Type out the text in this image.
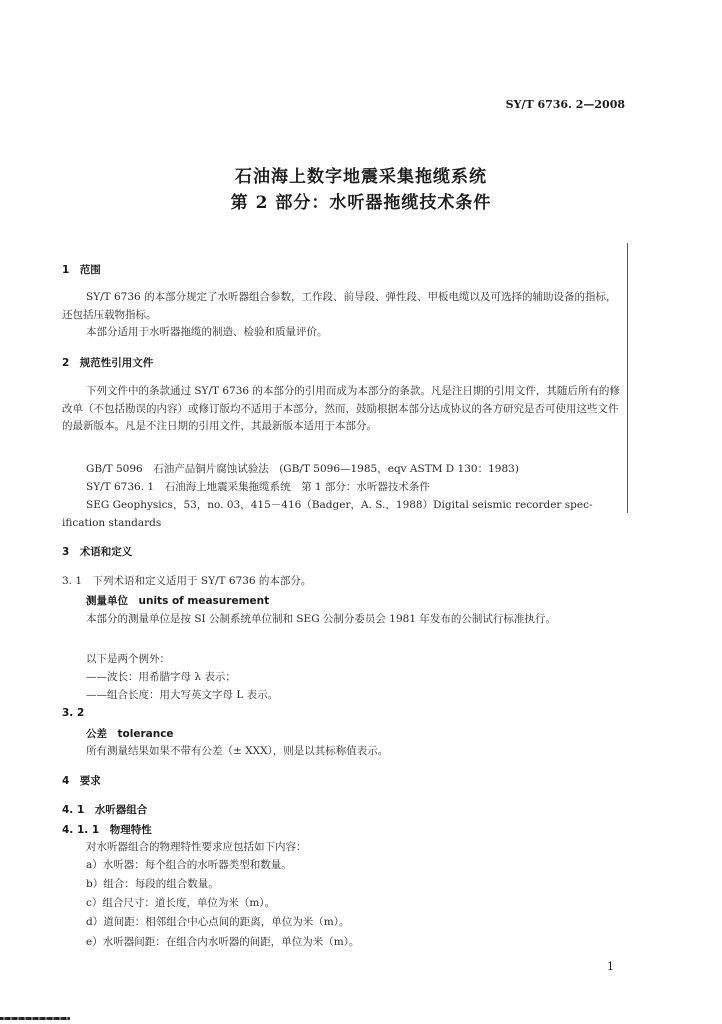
SY/T 6736. 2—2008
石油海上数字地震采集拖缆系统
第 2 部分：水听器拖缆技术条件
1　范围
SY/T 6736 的本部分规定了水听器组合参数，工作段、前导段、弹性段、甲板电缆以及可选择的辅助设备的指标，还包括压载物指标。
本部分适用于水听器拖缆的制造、检验和质量评价。
2　规范性引用文件
下列文件中的条款通过 SY/T 6736 的本部分的引用而成为本部分的条款。凡是注日期的引用文件，其随后所有的修改单（不包括勘误的内容）或修订版均不适用于本部分，然而，鼓励根据本部分达成协议的各方研究是否可使用这些文件的最新版本。凡是不注日期的引用文件，其最新版本适用于本部分。
GB/T 5096　石油产品铜片腐蚀试验法　(GB/T 5096—1985，eqv ASTM D 130：1983)
SY/T 6736. 1　石油海上地震采集拖缆系统　第 1 部分：水听器技术条件
SEG Geophysics，53，no. 03，415－416（Badger，A. S.，1988）Digital seismic recorder spec-
ification standards
3　术语和定义
3. 1　下列术语和定义适用于 SY/T 6736 的本部分。
测量单位　units of measurement
本部分的测量单位是按 SI 公制系统单位制和 SEG 公制分委员会 1981 年发布的公制试行标准执行。
以下是两个例外：
——波长：用希腊字母 λ 表示；
——组合长度：用大写英文字母 L 表示。
3. 2
公差　tolerance
所有测量结果如果不带有公差（± XXX），则是以其标称值表示。
4　要求
4. 1　水听器组合
4. 1. 1　物理特性
对水听器组合的物理特性要求应包括如下内容：
a）水听器：每个组合的水听器类型和数量。
b）组合：每段的组合数量。
c）组合尺寸：道长度，单位为米（m）。
d）道间距：相邻组合中心点间的距离，单位为米（m）。
e）水听器间距：在组合内水听器的间距，单位为米（m）。
1
